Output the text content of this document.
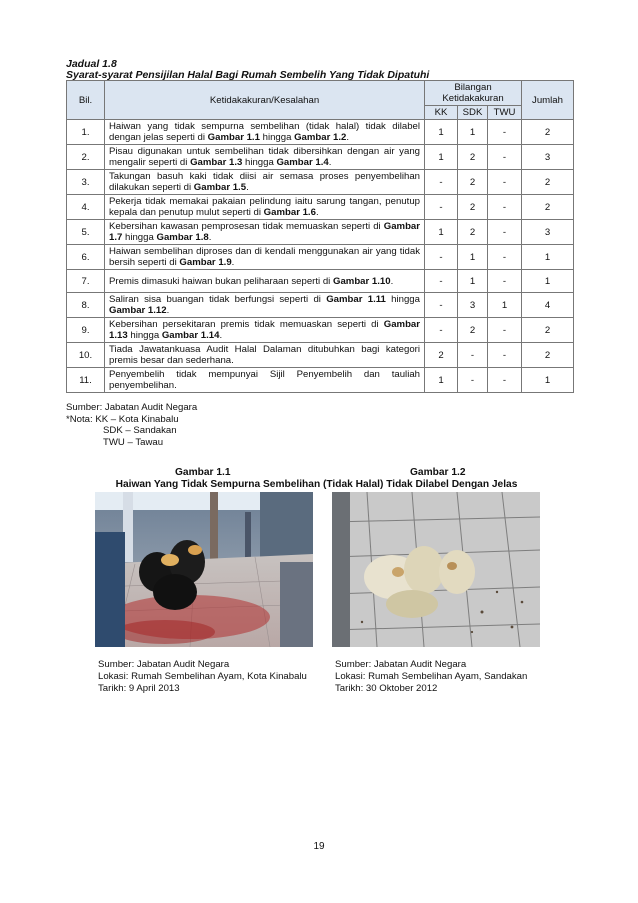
Jadual 1.8
Syarat-syarat Pensijilan Halal Bagi Rumah Sembelih Yang Tidak Dipatuhi
Bil.	Ketidakakuran/Kesalahan	Bilangan Ketidakakuran			Jumlah
		KK	SDK	TWU	
1.	Haiwan yang tidak sempurna sembelihan (tidak halal) tidak dilabel dengan jelas seperti di Gambar 1.1 hingga Gambar 1.2.	1	1	-	2
2.	Pisau digunakan untuk sembelihan tidak dibersihkan dengan air yang mengalir seperti di Gambar 1.3 hingga Gambar 1.4.	1	2	-	3
3.	Takungan basuh kaki tidak diisi air semasa proses penyembelihan dilakukan seperti di Gambar 1.5.	-	2	-	2
4.	Pekerja tidak memakai pakaian pelindung iaitu sarung tangan, penutup kepala dan penutup mulut seperti di Gambar 1.6.	-	2	-	2
5.	Kebersihan kawasan pemprosesan tidak memuaskan seperti di Gambar 1.7 hingga Gambar 1.8.	1	2	-	3
6.	Haiwan sembelihan diproses dan di kendali menggunakan air yang tidak bersih seperti di Gambar 1.9.	-	1	-	1
7.	Premis dimasuki haiwan bukan peliharaan seperti di Gambar 1.10.	-	1	-	1
8.	Saliran sisa buangan tidak berfungsi seperti di Gambar 1.11 hingga Gambar 1.12.	-	3	1	4
9.	Kebersihan persekitaran premis tidak memuaskan seperti di Gambar 1.13 hingga Gambar 1.14.	-	2	-	2
10.	Tiada Jawatankuasa Audit Halal Dalaman ditubuhkan bagi kategori premis besar dan sederhana.	2	-	-	2
11.	Penyembelih tidak mempunyai Sijil Penyembelih dan tauliah penyembelihan.	1	-	-	1
Sumber: Jabatan Audit Negara
*Nota: KK – Kota Kinabalu
SDK – Sandakan
TWU – Tawau
Gambar 1.1	Gambar 1.2
Haiwan Yang Tidak Sempurna Sembelihan (Tidak Halal) Tidak Dilabel Dengan Jelas
Sumber: Jabatan Audit Negara
Lokasi: Rumah Sembelihan Ayam, Kota Kinabalu
Tarikh: 9 April 2013
Sumber: Jabatan Audit Negara
Lokasi: Rumah Sembelihan Ayam, Sandakan
Tarikh: 30 Oktober 2012
19
